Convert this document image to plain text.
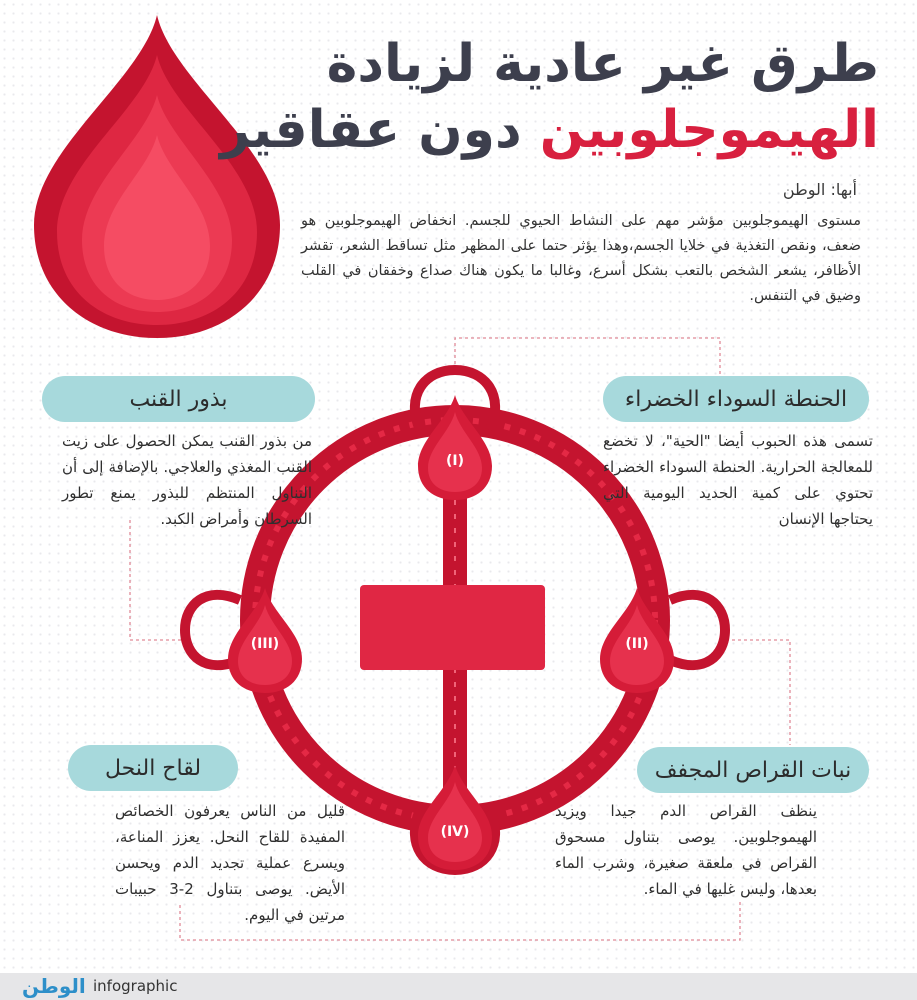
طرق غير عادية لزيادة
الهيموجلوبين دون عقاقير
أبها: الوطن
مستوى الهيموجلوبين مؤشر مهم على النشاط الحيوي للجسم. انخفاض الهيموجلوبين هو ضعف، ونقص التغذية في خلايا الجسم،وهذا يؤثر حتما على المظهر مثل تساقط الشعر، تقشر الأظافر، يشعر الشخص بالتعب بشكل أسرع، وغالبا ما يكون هناك صداع وخفقان في القلب وضيق في التنفس.
(I)
(II)
(III)
(IV)
الحنطة السوداء الخضراء
بذور القنب
نبات القراص المجفف
لقاح النحل
تسمى هذه الحبوب أيضا "الحية"، لا تخضع للمعالجة الحرارية. الحنطة السوداء الخضراء تحتوي على كمية الحديد اليومية التي يحتاجها الإنسان
من بذور القنب يمكن الحصول على زيت القنب المغذي والعلاجي. بالإضافة إلى أن التناول المنتظم للبذور يمنع تطور السرطان وأمراض الكبد.
ينظف القراص الدم جيدا ويزيد الهيموجلوبين. يوصى بتناول مسحوق القراص في ملعقة صغيرة، وشرب الماء بعدها، وليس غليها في الماء.
قليل من الناس يعرفون الخصائص المفيدة للقاح النحل. يعزز المناعة، ويسرع عملية تجديد الدم ويحسن الأيض. يوصى بتناول 2-3 حبيبات مرتين في اليوم.
الوطن infographic
